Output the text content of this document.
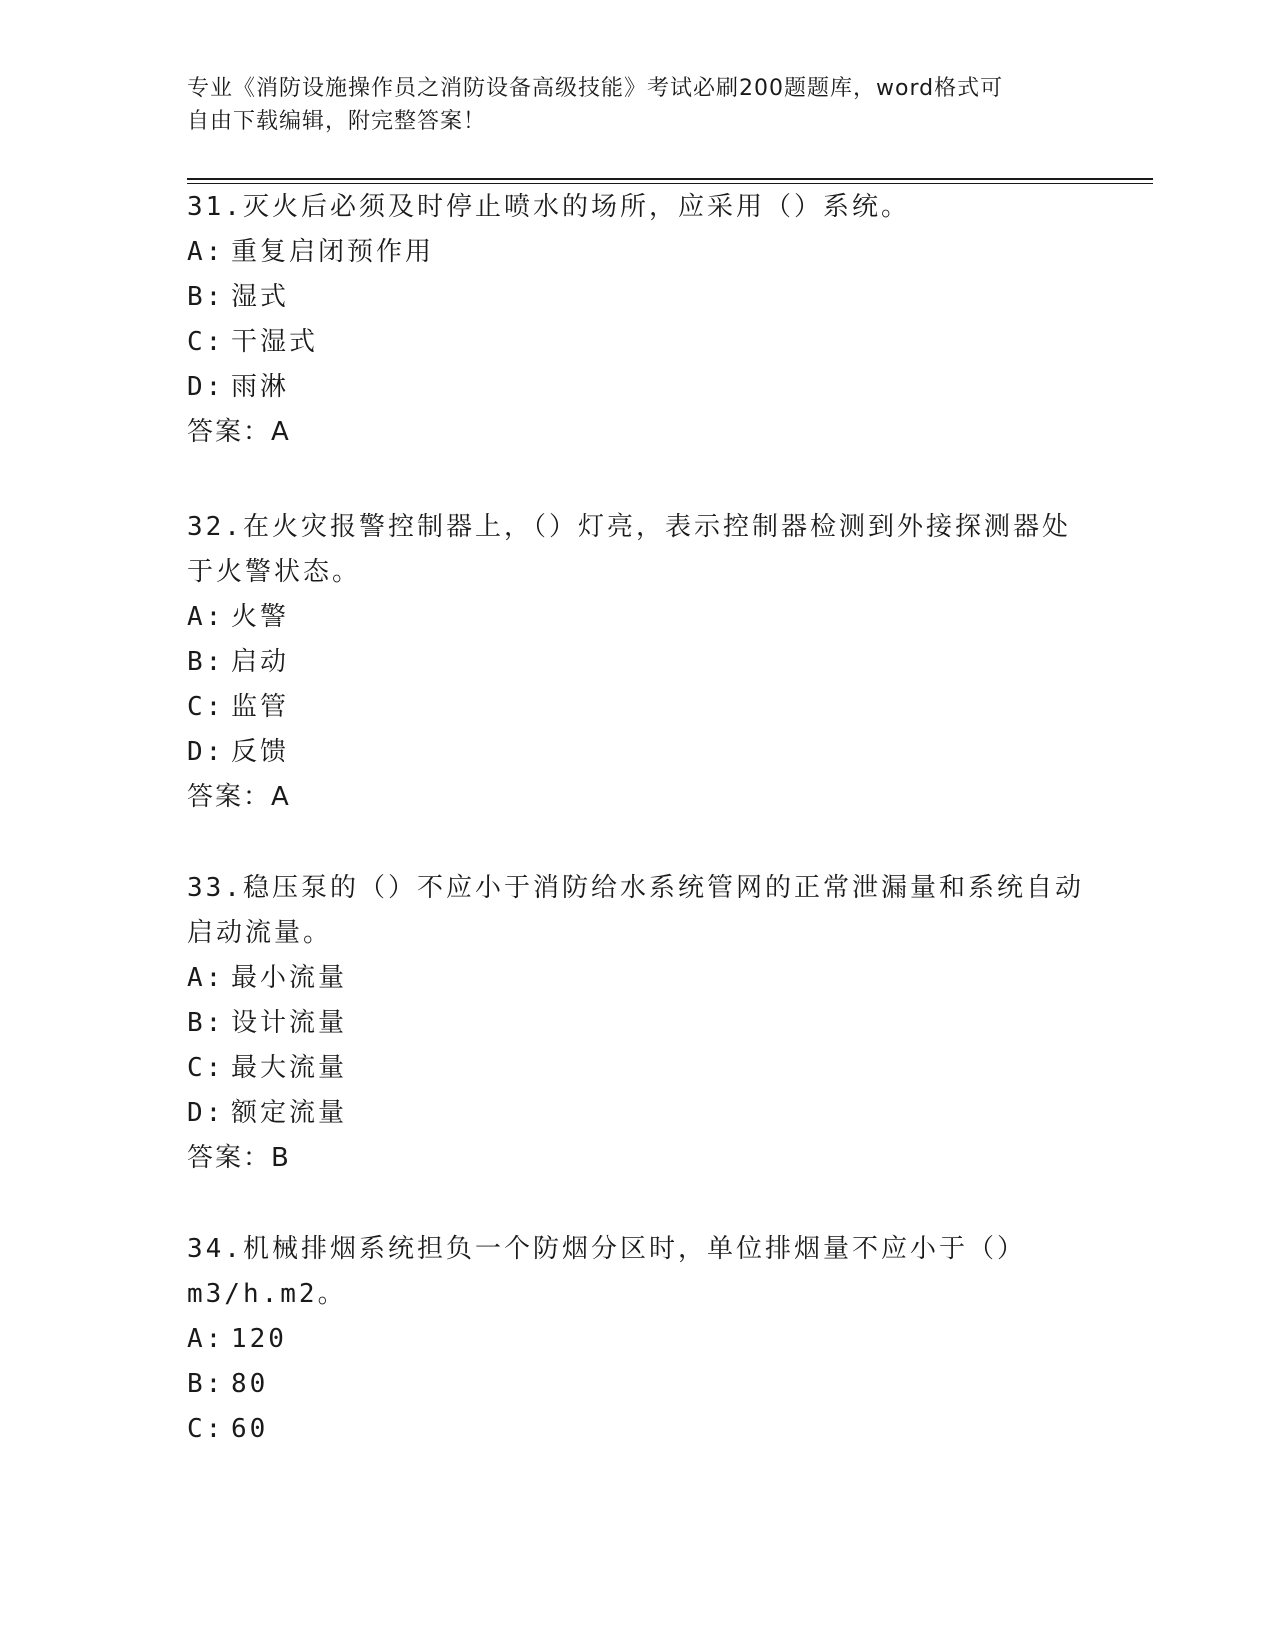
专业《消防设施操作员之消防设备高级技能》考试必刷200题题库，word格式可
自由下载编辑，附完整答案！

31.灭火后必须及时停止喷水的场所，应采用（）系统。

A: 重复启闭预作用

B: 湿式

C: 干湿式

D: 雨淋

答案：A

32.在火灾报警控制器上，（）灯亮，表示控制器检测到外接探测器处
于火警状态。

A: 火警

B: 启动

C: 监管

D: 反馈

答案：A

33.稳压泵的（）不应小于消防给水系统管网的正常泄漏量和系统自动
启动流量。

A: 最小流量

B: 设计流量

C: 最大流量

D: 额定流量

答案：B

34.机械排烟系统担负一个防烟分区时，单位排烟量不应小于（）
m3/h.m2。

A: 120

B: 80

C: 60
